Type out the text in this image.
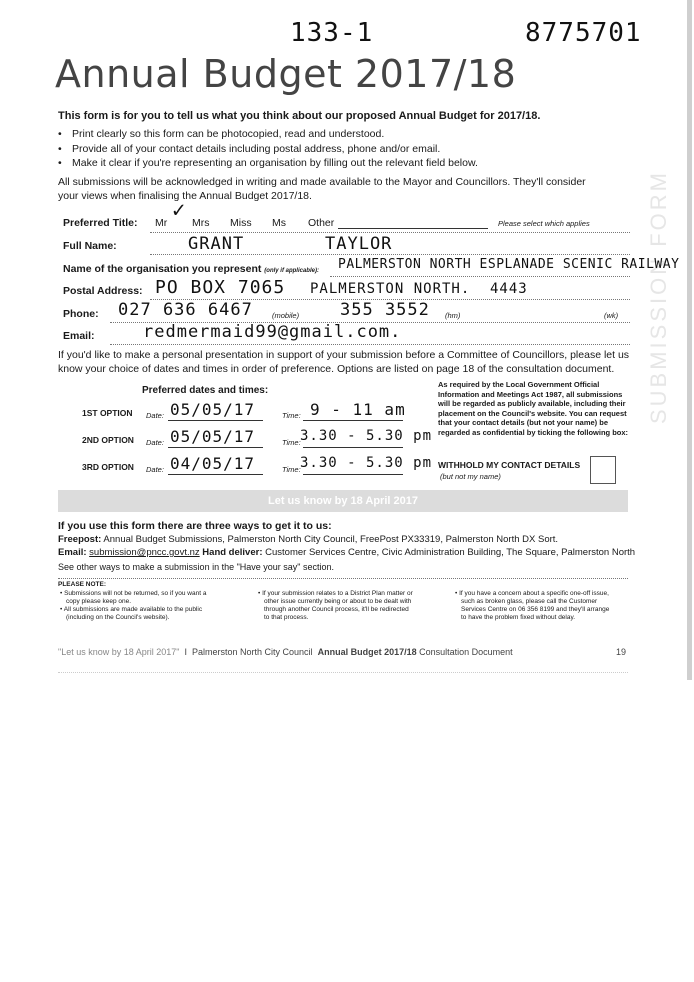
133-1	8775701
Annual Budget 2017/18
SUBMISSION FORM
This form is for you to tell us what you think about our proposed Annual Budget for 2017/18.
• Print clearly so this form can be photocopied, read and understood.
• Provide all of your contact details including postal address, phone and/or email.
• Make it clear if you're representing an organisation by filling out the relevant field below.
All submissions will be acknowledged in writing and made available to the Mayor and Councillors. They'll consider
your views when finalising the Annual Budget 2017/18.
Preferred Title: Mr ✓ Mrs Miss Ms Other	Please select which applies
Full Name:	GRANT	TAYLOR
Name of the organisation you represent (only if applicable): PALMERSTON NORTH ESPLANADE SCENIC RAILWAY
Postal Address: PO BOX 7065 PALMERSTON NORTH. 4443
Phone: 027 636 6467	(mobile) 355 3552 (hm)	(wk)
Email:	redmermaid99@gmail.com.
If you'd like to make a personal presentation in support of your submission before a Committee of Councillors, please let us
know your choice of dates and times in order of preference. Options are listed on page 18 of the consultation document.
Preferred dates and times:
1ST OPTION Date: 05/05/17	Time: 9 - 11 am
2ND OPTION Date: 05/05/17	Time: 3.30 - 5.30 pm
3RD OPTION Date: 04/05/17	Time: 3.30 - 5.30 pm
As required by the Local Government Official
Information and Meetings Act 1987, all submissions
will be regarded as publicly available, including their
placement on the Council's website. You can request
that your contact details (but not your name) be
regarded as confidential by ticking the following box:
WITHHOLD MY CONTACT DETAILS
(but not my name)
Let us know by 18 April 2017
If you use this form there are three ways to get it to us:
Freepost: Annual Budget Submissions, Palmerston North City Council, FreePost PX33319, Palmerston North DX Sort.
Email: submission@pncc.govt.nz Hand deliver: Customer Services Centre, Civic Administration Building, The Square, Palmerston North
See other ways to make a submission in the "Have your say" section.
PLEASE NOTE:
• Submissions will not be returned, so if you want a
copy please keep one.
• All submissions are made available to the public
(including on the Council's website).
• If your submission relates to a District Plan matter or
other issue currently being or about to be dealt with
through another Council process, it'll be redirected
to that process.
• If you have a concern about a specific one-off issue,
such as broken glass, please call the Customer
Services Centre on 06 356 8199 and they'll arrange
to have the problem fixed without delay.
"Let us know by 18 April 2017" I Palmerston North City Council Annual Budget 2017/18 Consultation Document	19
